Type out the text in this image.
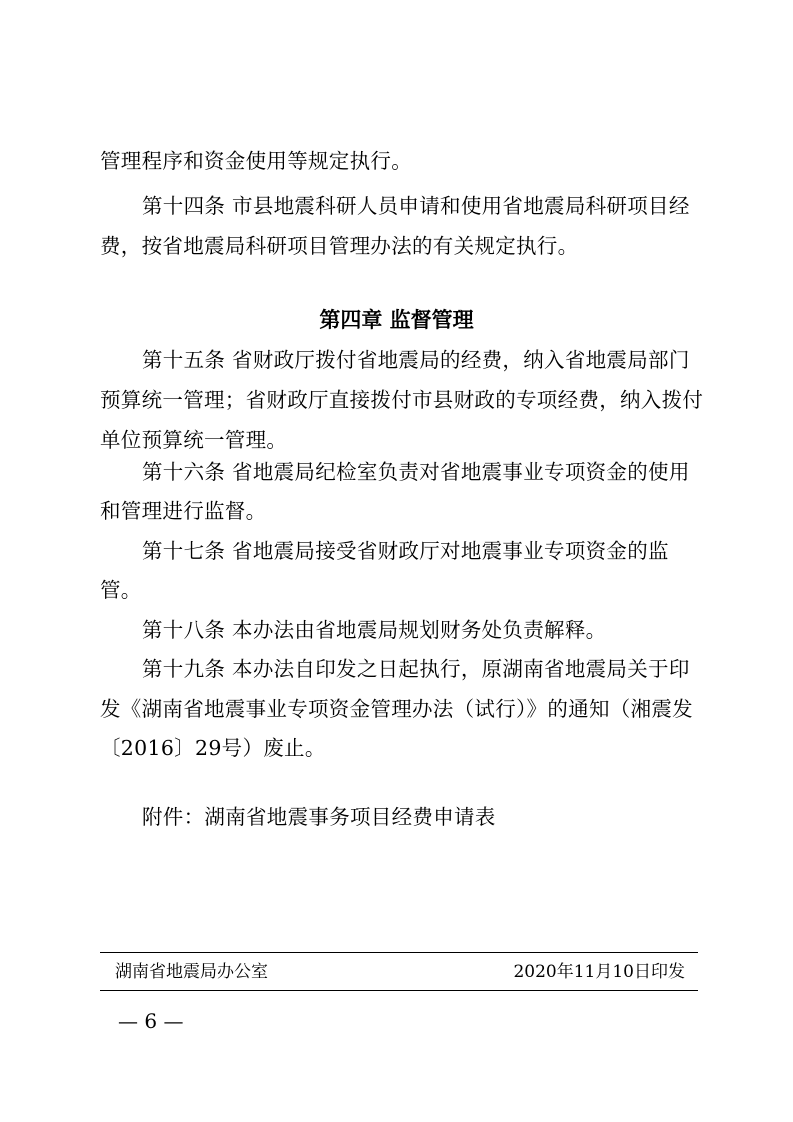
管理程序和资金使用等规定执行。
第十四条 市县地震科研人员申请和使用省地震局科研项目经
费，按省地震局科研项目管理办法的有关规定执行。
第四章 监督管理
第十五条 省财政厅拨付省地震局的经费，纳入省地震局部门
预算统一管理；省财政厅直接拨付市县财政的专项经费，纳入拨付
单位预算统一管理。
第十六条 省地震局纪检室负责对省地震事业专项资金的使用
和管理进行监督。
第十七条 省地震局接受省财政厅对地震事业专项资金的监
管。
第十八条 本办法由省地震局规划财务处负责解释。
第十九条 本办法自印发之日起执行，原湖南省地震局关于印
发《湖南省地震事业专项资金管理办法（试行）》的通知（湘震发
〔2016〕29号）废止。
附件：湖南省地震事务项目经费申请表
湖南省地震局办公室	2020年11月10日印发
— 6 —
